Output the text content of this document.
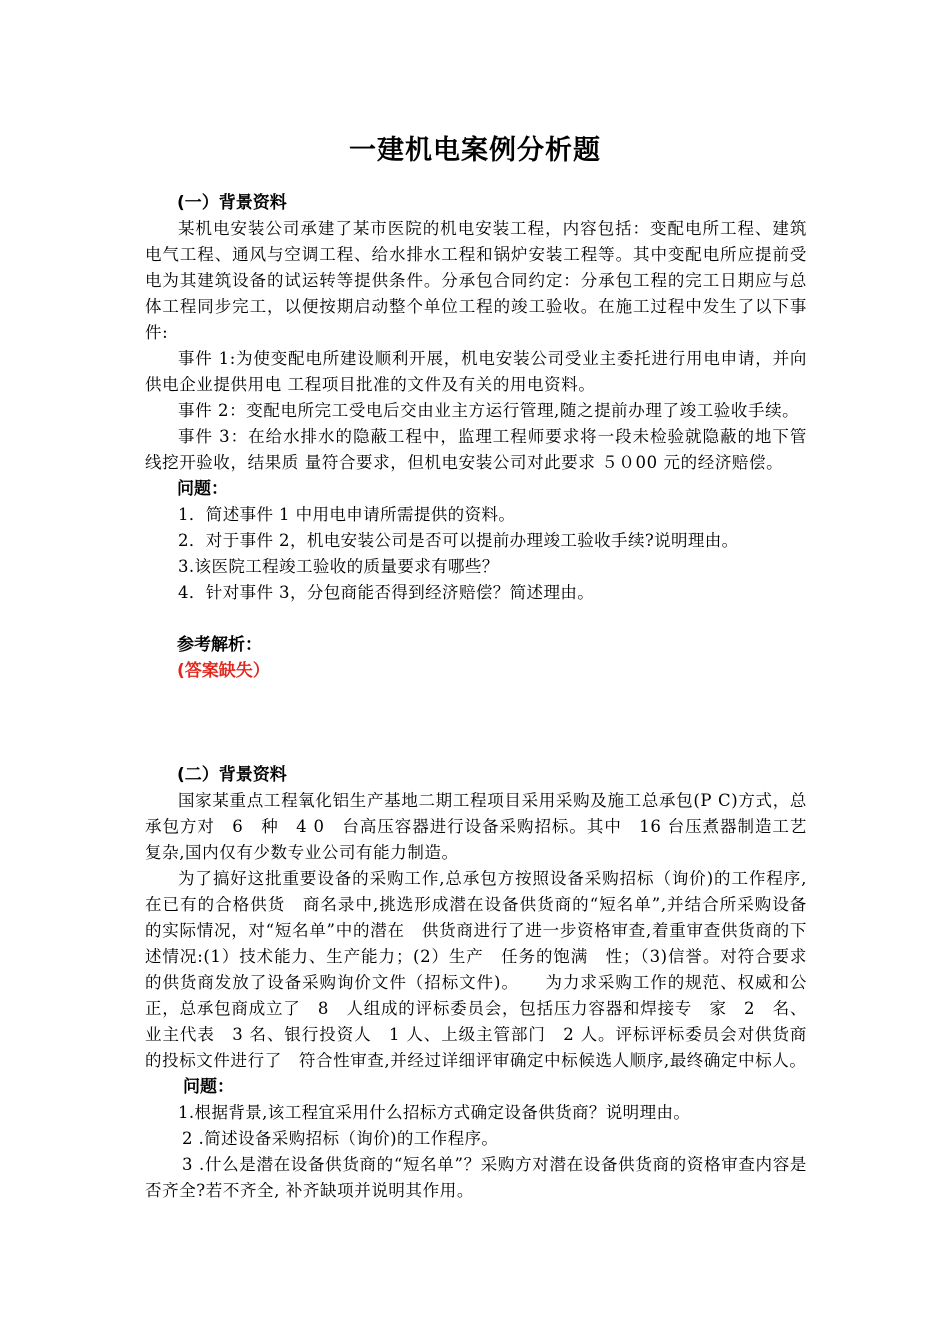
一建机电案例分析题
(一）背景资料

某机电安装公司承建了某市医院的机电安装工程，内容包括：变配电所工程、建筑电气工程、通风与空调工程、给水排水工程和锅炉安装工程等。其中变配电所应提前受电为其建筑设备的试运转等提供条件。分承包合同约定：分承包工程的完工日期应与总体工程同步完工，以便按期启动整个单位工程的竣工验收。在施工过程中发生了以下事件:

事件 1:为使变配电所建设顺利开展，机电安装公司受业主委托进行用电申请，并向供电企业提供用电 工程项目批准的文件及有关的用电资料。

事件 2：变配电所完工受电后交由业主方运行管理,随之提前办理了竣工验收手续。

事件 3：在给水排水的隐蔽工程中，监理工程师要求将一段未检验就隐蔽的地下管线挖开验收，结果质 量符合要求，但机电安装公司对此要求 ５０00 元的经济赔偿。

问题：

1．简述事件 1 中用电申请所需提供的资料。

2．对于事件 2，机电安装公司是否可以提前办理竣工验收手续?说明理由。

3.该医院工程竣工验收的质量要求有哪些？

4．针对事件 3，分包商能否得到经济赔偿？简述理由。

参考解析：
(答案缺失）
(二）背景资料

国家某重点工程氧化铝生产基地二期工程项目采用采购及施工总承包(P C)方式，总承包方对　6　种　4 0　台高压容器进行设备采购招标。其中　16 台压煮器制造工艺复杂,国内仅有少数专业公司有能力制造。

为了搞好这批重要设备的采购工作,总承包方按照设备采购招标（询价)的工作程序,在已有的合格供货　商名录中,挑选形成潜在设备供货商的“短名单”,并结合所采购设备的实际情况，对“短名单”中的潜在　供货商进行了进一步资格审查,着重审查供货商的下述情况:(1）技术能力、生产能力；(2）生产　任务的饱满　性；（3)信誉。对符合要求的供货商发放了设备采购询价文件（招标文件)。　　为力求采购工作的规范、权威和公正，总承包商成立了　8　人组成的评标委员会，包括压力容器和焊接专　家　2　名、业主代表　3 名、银行投资人　1 人、上级主管部门　2 人。评标评标委员会对供货商的投标文件进行了　符合性审查,并经过详细评审确定中标候选人顺序,最终确定中标人。

问题：

1.根据背景,该工程宜采用什么招标方式确定设备供货商？说明理由。

2 .简述设备采购招标（询价)的工作程序。

3 .什么是潜在设备供货商的“短名单”？采购方对潜在设备供货商的资格审查内容是否齐全?若不齐全, 补齐缺项并说明其作用。
